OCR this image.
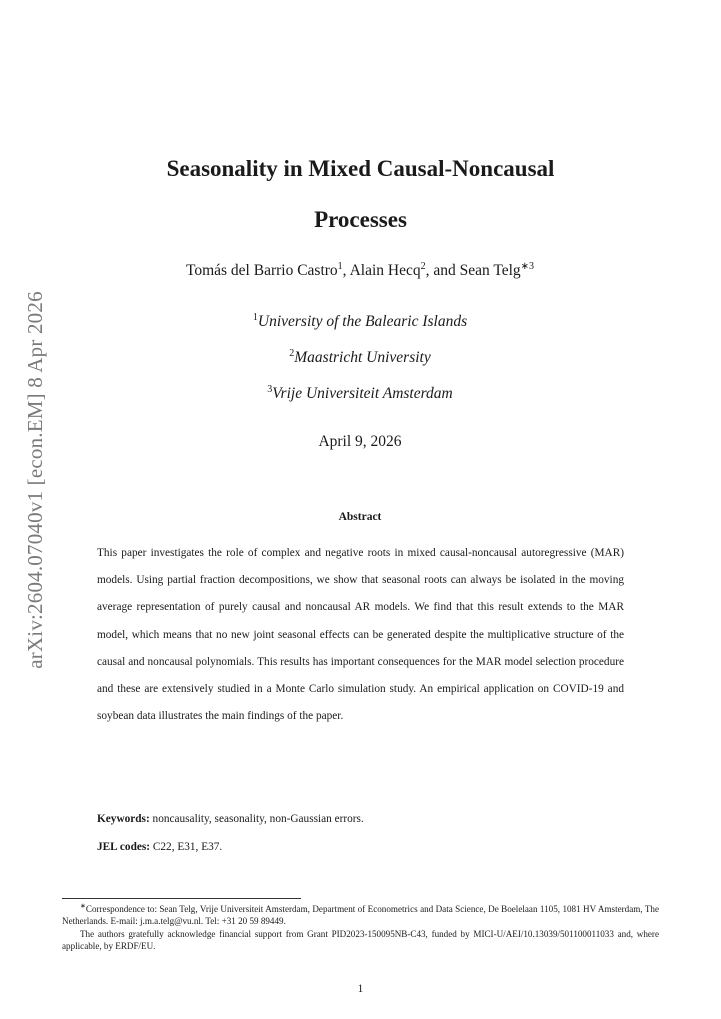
arXiv:2604.07040v1 [econ.EM] 8 Apr 2026
Seasonality in Mixed Causal-Noncausal
Processes
Tomás del Barrio Castro$^1$, Alain Hecq$^2$, and Sean Telg$^{∗3}$
$^1$University of the Balearic Islands
$^2$Maastricht University
$^3$Vrije Universiteit Amsterdam
April 9, 2026
Abstract
This paper investigates the role of complex and negative roots in mixed causal-noncausal autoregressive (MAR) models. Using partial fraction decompositions, we show that seasonal roots can always be isolated in the moving average representation of purely causal and noncausal AR models. We find that this result extends to the MAR model, which means that no new joint seasonal effects can be generated despite the multiplicative structure of the causal and noncausal polynomials. This results has important consequences for the MAR model selection procedure and these are extensively studied in a Monte Carlo simulation study. An empirical application on COVID-19 and soybean data illustrates the main findings of the paper.
Keywords: noncausality, seasonality, non-Gaussian errors.
JEL codes: C22, E31, E37.

∗Correspondence to: Sean Telg, Vrije Universiteit Amsterdam, Department of Econometrics and Data Science, De Boelelaan 1105, 1081 HV Amsterdam, The Netherlands. E-mail: j.m.a.telg@vu.nl. Tel: +31 20 59 89449.

The authors gratefully acknowledge financial support from Grant PID2023-150095NB-C43, funded by MICI-U/AEI/10.13039/501100011033 and, where applicable, by ERDF/EU.

1
